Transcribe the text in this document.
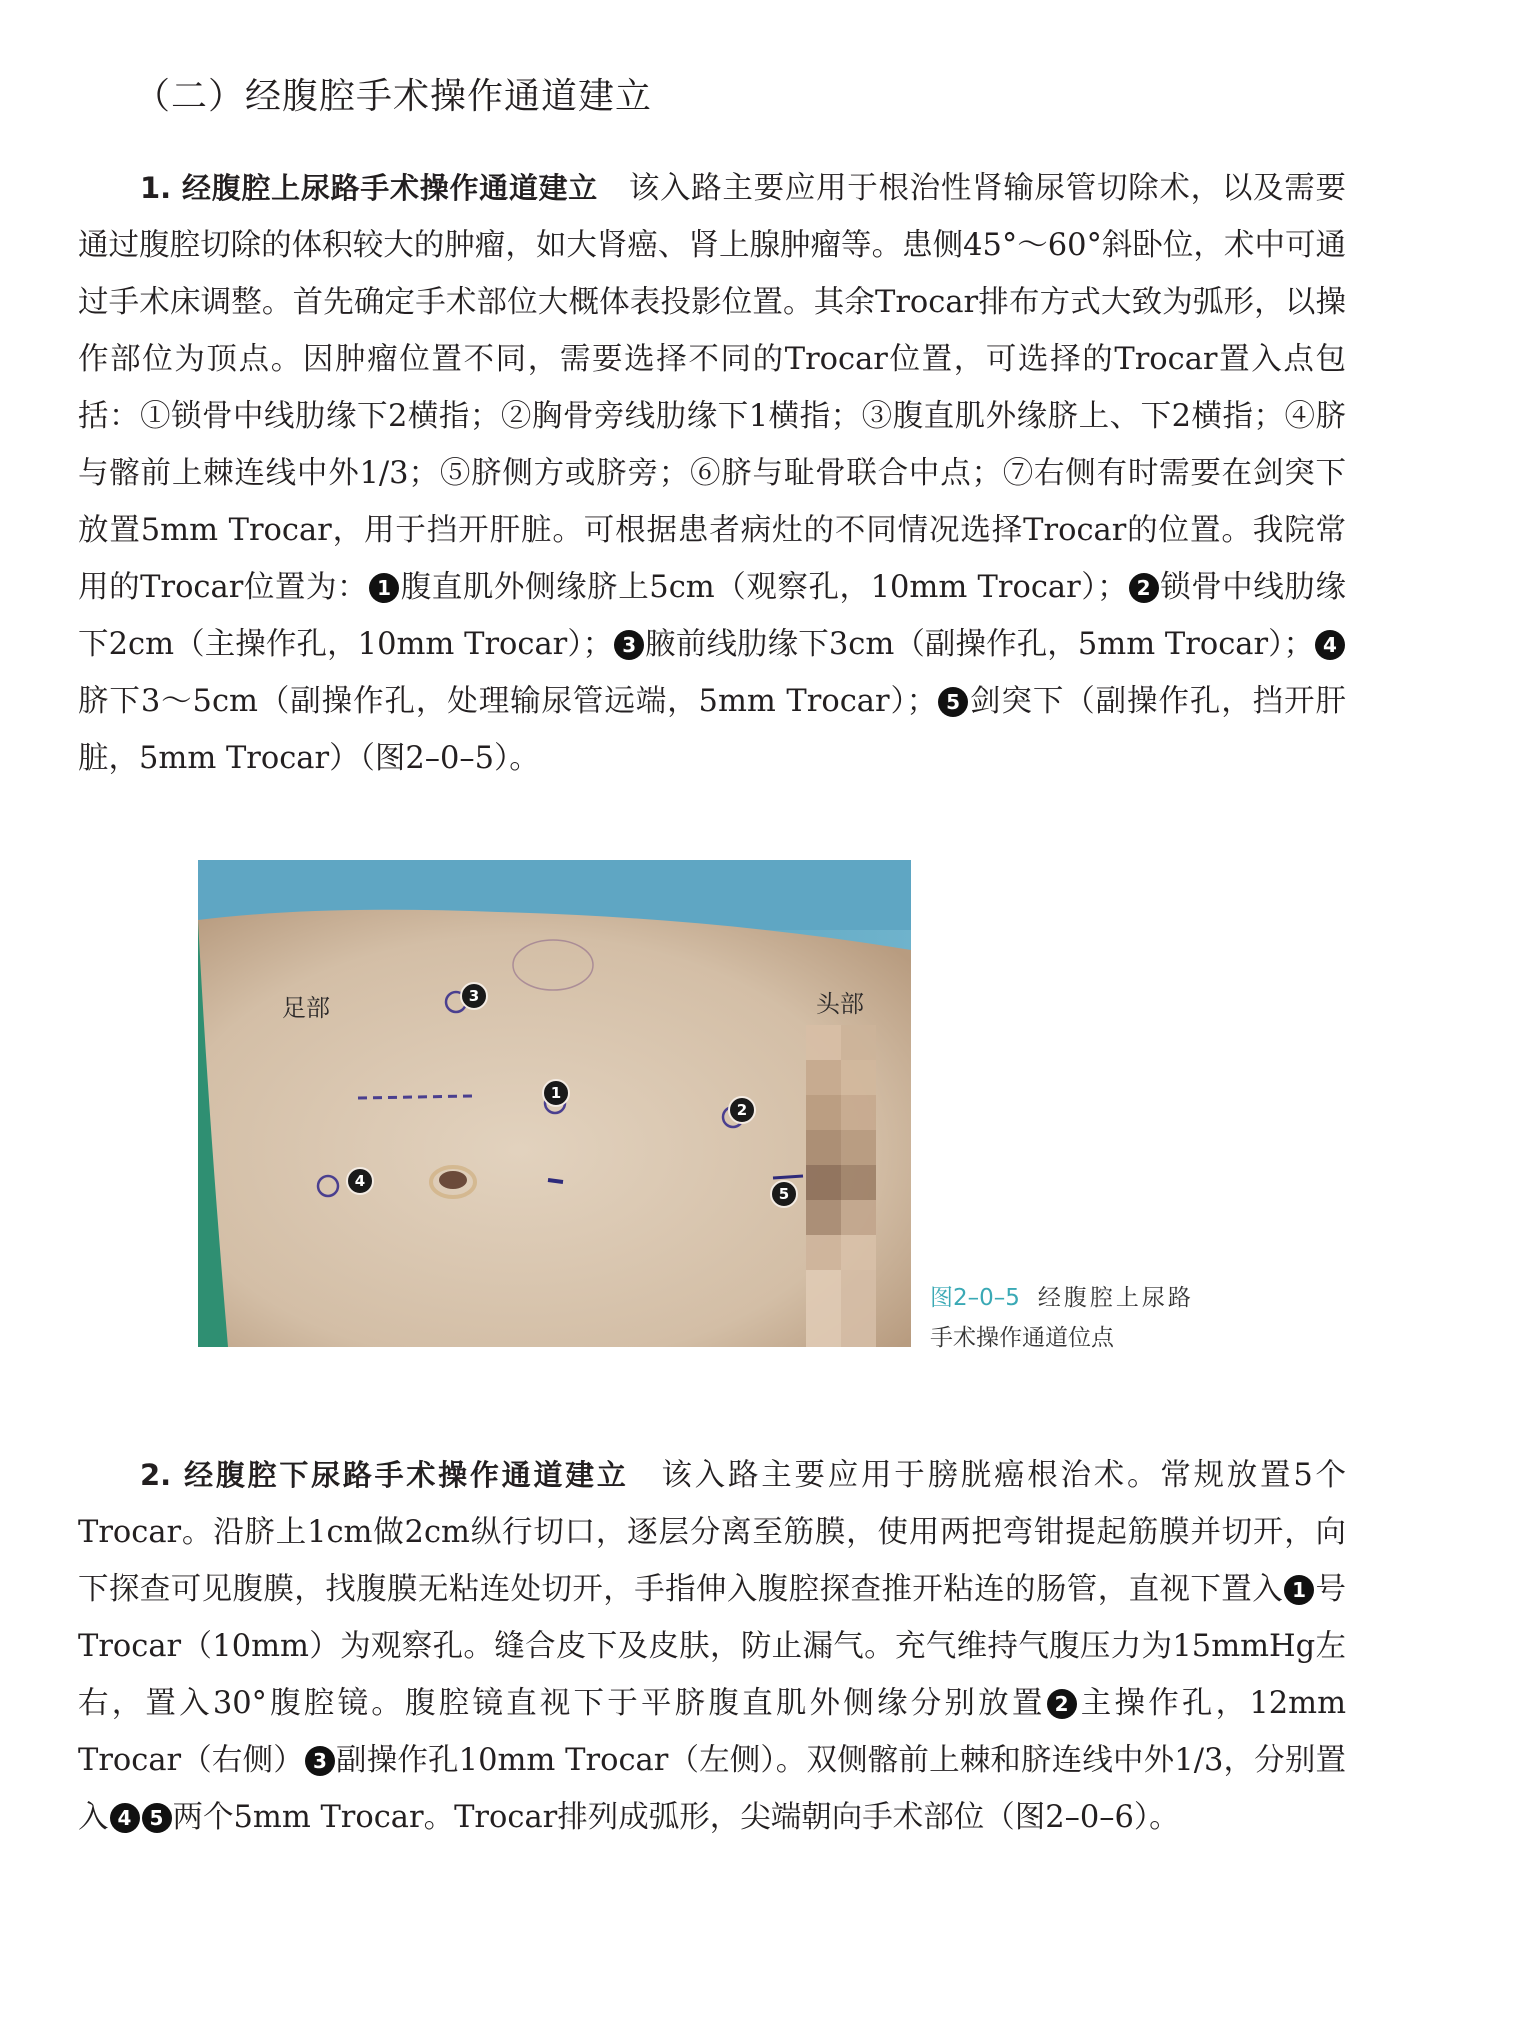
（二）经腹腔手术操作通道建立

1. 经腹腔上尿路手术操作通道建立 该入路主要应用于根治性肾输尿管切除术，以及需要通过腹腔切除的体积较大的肿瘤，如大肾癌、肾上腺肿瘤等。患侧45°～60°斜卧位，术中可通过手术床调整。首先确定手术部位大概体表投影位置。其余Trocar排布方式大致为弧形，以操作部位为顶点。因肿瘤位置不同，需要选择不同的Trocar位置，可选择的Trocar置入点包括：①锁骨中线肋缘下2横指；②胸骨旁线肋缘下1横指；③腹直肌外缘脐上、下2横指；④脐与髂前上棘连线中外1/3；⑤脐侧方或脐旁；⑥脐与耻骨联合中点；⑦右侧有时需要在剑突下放置5mm Trocar，用于挡开肝脏。可根据患者病灶的不同情况选择Trocar的位置。我院常用的Trocar位置为： 1 腹直肌外侧缘脐上5cm（观察孔，10mm Trocar）； 2 锁骨中线肋缘下2cm（主操作孔，10mm Trocar）； 3 腋前线肋缘下3cm（副操作孔，5mm Trocar）； 4脐下3～5cm（副操作孔，处理输尿管远端，5mm Trocar）； 5 剑突下（副操作孔，挡开肝脏，5mm Trocar）（图2–0–5）。

足部	头部
3
1
2
4
5
图2–0–5 经腹腔上尿路
手术操作通道位点

2. 经腹腔下尿路手术操作通道建立 该入路主要应用于膀胱癌根治术。常规放置5个Trocar。沿脐上1cm做2cm纵行切口，逐层分离至筋膜，使用两把弯钳提起筋膜并切开，向下探查可见腹膜，找腹膜无粘连处切开，手指伸入腹腔探查推开粘连的肠管，直视下置入 1 号Trocar（10mm）为观察孔。缝合皮下及皮肤，防止漏气。充气维持气腹压力为15mmHg左右，置入30°腹腔镜。腹腔镜直视下于平脐腹直肌外侧缘分别放置 2 主操作孔，12mm Trocar（右侧） 3 副操作孔10mm Trocar（左侧）。双侧髂前上棘和脐连线中外1/3，分别置入 4 5 两个5mm Trocar。Trocar排列成弧形，尖端朝向手术部位（图2–0–6）。
